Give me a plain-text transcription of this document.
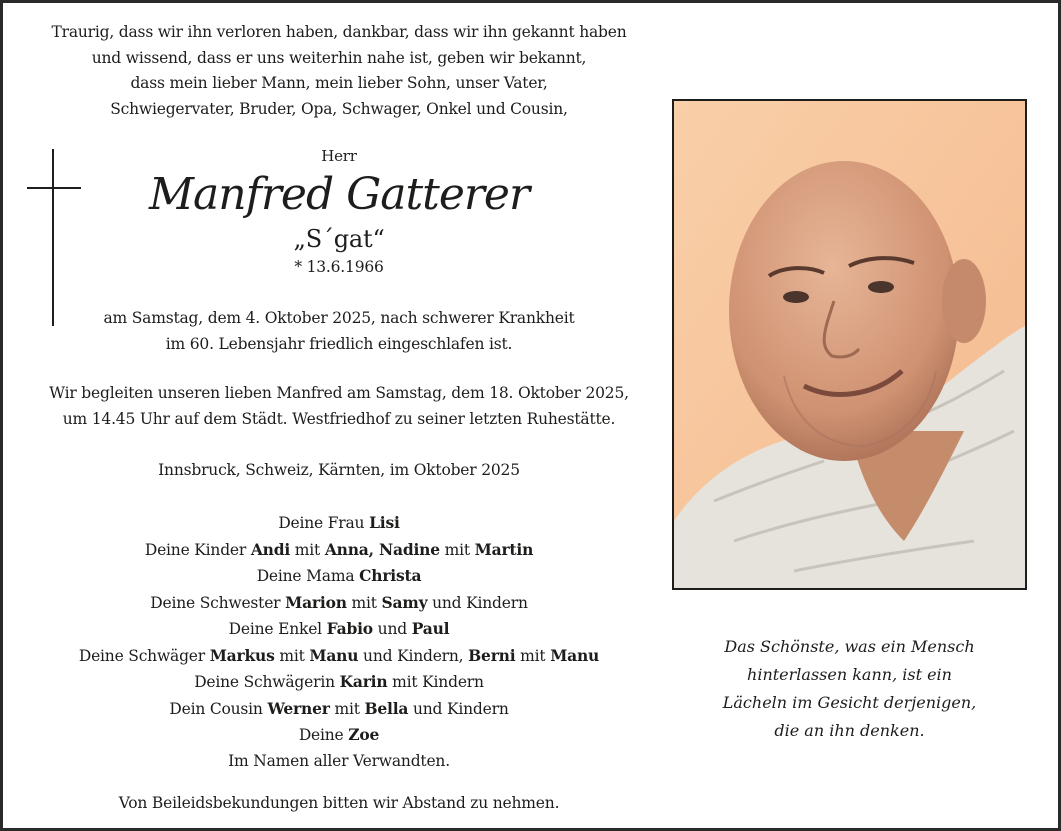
Traurig, dass wir ihn verloren haben, dankbar, dass wir ihn gekannt haben
und wissend, dass er uns weiterhin nahe ist, geben wir bekannt,
dass mein lieber Mann, mein lieber Sohn, unser Vater,
Schwiegervater, Bruder, Opa, Schwager, Onkel und Cousin,
Herr
Manfred Gatterer
„S´gat“
* 13.6.1966
am Samstag, dem 4. Oktober 2025, nach schwerer Krankheit
im 60. Lebensjahr friedlich eingeschlafen ist.
Wir begleiten unseren lieben Manfred am Samstag, dem 18. Oktober 2025,
um 14.45 Uhr auf dem Städt. Westfriedhof zu seiner letzten Ruhestätte.
Innsbruck, Schweiz, Kärnten, im Oktober 2025
Deine Frau Lisi
Deine Kinder Andi mit Anna, Nadine mit Martin
Deine Mama Christa
Deine Schwester Marion mit Samy und Kindern
Deine Enkel Fabio und Paul
Deine Schwäger Markus mit Manu und Kindern, Berni mit Manu
Deine Schwägerin Karin mit Kindern
Dein Cousin Werner mit Bella und Kindern
Deine Zoe
Im Namen aller Verwandten.
Von Beileidsbekundungen bitten wir Abstand zu nehmen.
Das Schönste, was ein Mensch
hinterlassen kann, ist ein
Lächeln im Gesicht derjenigen,
die an ihn denken.
